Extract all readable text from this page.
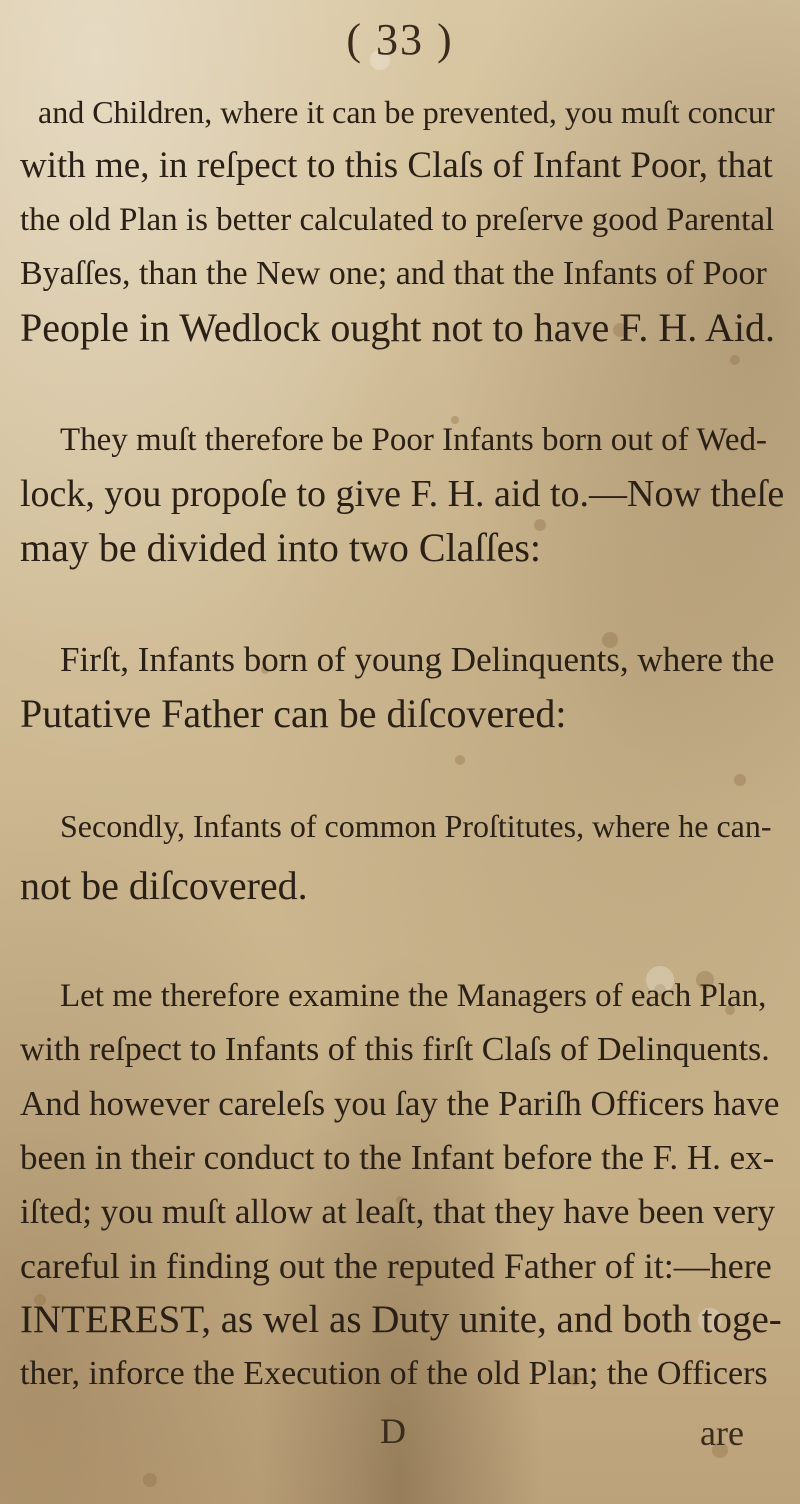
( 33 )
and Children, where it can be prevented, you muſt concur
with me, in reſpect to this Claſs of Infant Poor, that
the old Plan is better calculated to preſerve good Parental
Byaſſes, than the New one; and that the Infants of Poor
People in Wedlock ought not to have F. H. Aid.
They muſt therefore be Poor Infants born out of Wed-
lock, you propoſe to give F. H. aid to.—Now theſe
may be divided into two Claſſes:
Firſt, Infants born of young Delinquents, where the
Putative Father can be diſcovered:
Secondly, Infants of common Proſtitutes, where he can-
not be diſcovered.
Let me therefore examine the Managers of each Plan,
with reſpect to Infants of this firſt Claſs of Delinquents.
And however careleſs you ſay the Pariſh Officers have
been in their conduct to the Infant before the F. H. ex-
iſted; you muſt allow at leaſt, that they have been very
careful in finding out the reputed Father of it:—here
INTEREST, as wel as Duty unite, and both toge-
ther, inforce the Execution of the old Plan; the Officers
D	are
